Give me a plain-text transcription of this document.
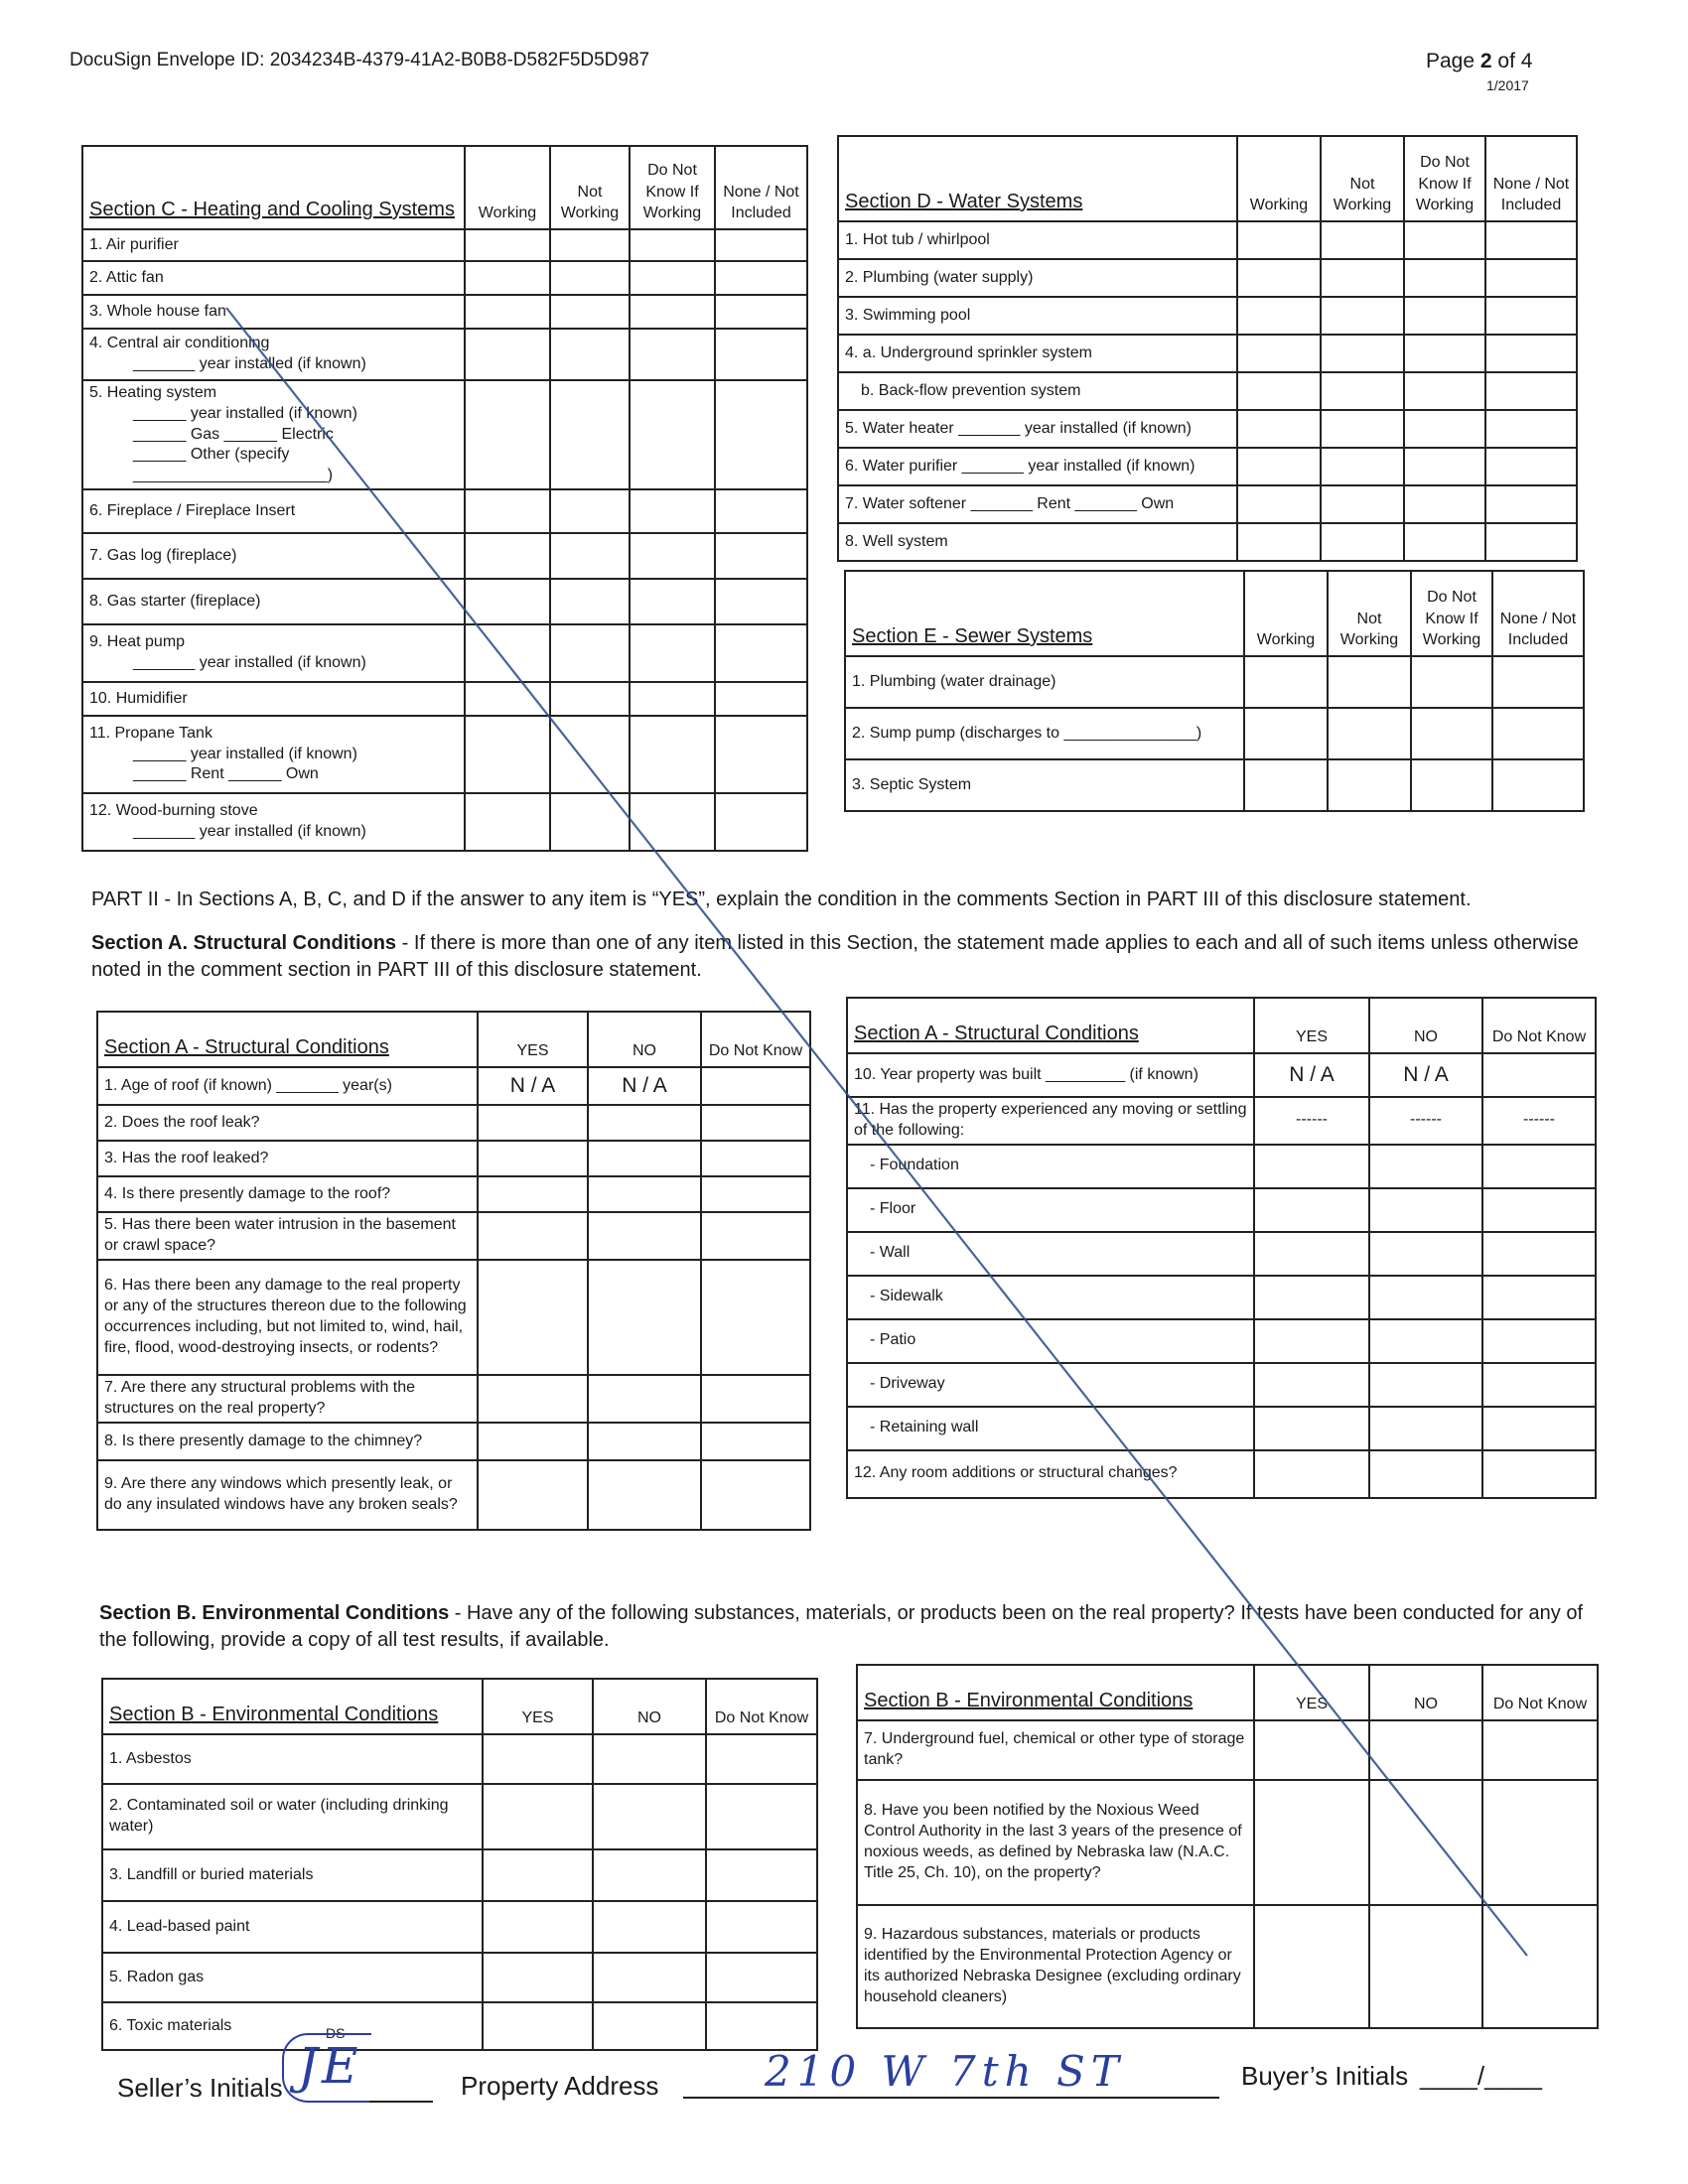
DocuSign Envelope ID: 2034234B-4379-41A2-B0B8-D582F5D5D987	Page 2 of 4
1/2017
Section C - Heating and Cooling Systems	Working	Not Working	Do Not Know If Working	None / Not Included
1. Air purifier				
2. Attic fan				
3. Whole house fan				
4. Central air conditioning
_______ year installed (if known)				

5. Heating system
______ year installed (if known)
______ Gas ______ Electric
______ Other (specify ______________________)				

6. Fireplace / Fireplace Insert				
7. Gas log (fireplace)				
8. Gas starter (fireplace)				
9. Heat pump
_______ year installed (if known)				

10. Humidifier				
11. Propane Tank
______ year installed (if known)
______ Rent ______ Own				

12. Wood-burning stove
_______ year installed (if known)				

Section D - Water Systems	Working	Not Working	Do Not Know If Working	None / Not Included
1. Hot tub / whirlpool				
2. Plumbing (water supply)				
3. Swimming pool				
4. a. Underground sprinkler system				

b. Back-flow prevention system				

5. Water heater _______ year installed (if known)				
6. Water purifier _______ year installed (if known)				
7. Water softener _______ Rent _______ Own				
8. Well system				
Section E - Sewer Systems	Working	Not Working	Do Not Know If Working	None / Not Included
1. Plumbing (water drainage)				
2. Sump pump (discharges to _______________)				
3. Septic System				
PART II - In Sections A, B, C, and D if the answer to any item is “YES”, explain the condition in the comments Section in PART III of this disclosure statement.
Section A. Structural Conditions - If there is more than one of any item listed in this Section, the statement made applies to each and all of such items unless otherwise noted in the comment section in PART III of this disclosure statement.
Section A - Structural Conditions	YES	NO	Do Not Know
1. Age of roof (if known) _______ year(s)	N / A	N / A	
2. Does the roof leak?			
3. Has the roof leaked?			
4. Is there presently damage to the roof?			
5. Has there been water intrusion in the basement or crawl space?			
6. Has there been any damage to the real property or any of the structures thereon due to the following occurrences including, but not limited to, wind, hail, fire, flood, wood-destroying insects, or rodents?			
7. Are there any structural problems with the structures on the real property?			
8. Is there presently damage to the chimney?			
9. Are there any windows which presently leak, or do any insulated windows have any broken seals?			
Section A - Structural Conditions	YES	NO	Do Not Know
10. Year property was built _________ (if known)	N / A	N / A	
11. Has the property experienced any moving or settling of the following:	------	------	------

- Foundation			

- Floor			

- Wall			

- Sidewalk			

- Patio			

- Driveway			

- Retaining wall			

12. Any room additions or structural changes?			
Section B. Environmental Conditions - Have any of the following substances, materials, or products been on the real property? If tests have been conducted for any of the following, provide a copy of all test results, if available.
Section B - Environmental Conditions	YES	NO	Do Not Know
1. Asbestos			
2. Contaminated soil or water (including drinking water)			
3. Landfill or buried materials			
4. Lead-based paint			
5. Radon gas			
6. Toxic materials			
Section B - Environmental Conditions	YES	NO	Do Not Know
7. Underground fuel, chemical or other type of storage tank?			
8. Have you been notified by the Noxious Weed Control Authority in the last 3 years of the presence of noxious weeds, as defined by Nebraska law (N.A.C. Title 25, Ch. 10), on the property?			
9. Hazardous substances, materials or products identified by the Environmental Protection Agency or its authorized Nebraska Designee (excluding ordinary household cleaners)			
Seller’s Initials
DS
JE	Property Address	210 W 7th ST	Buyer’s Initials ____/____
